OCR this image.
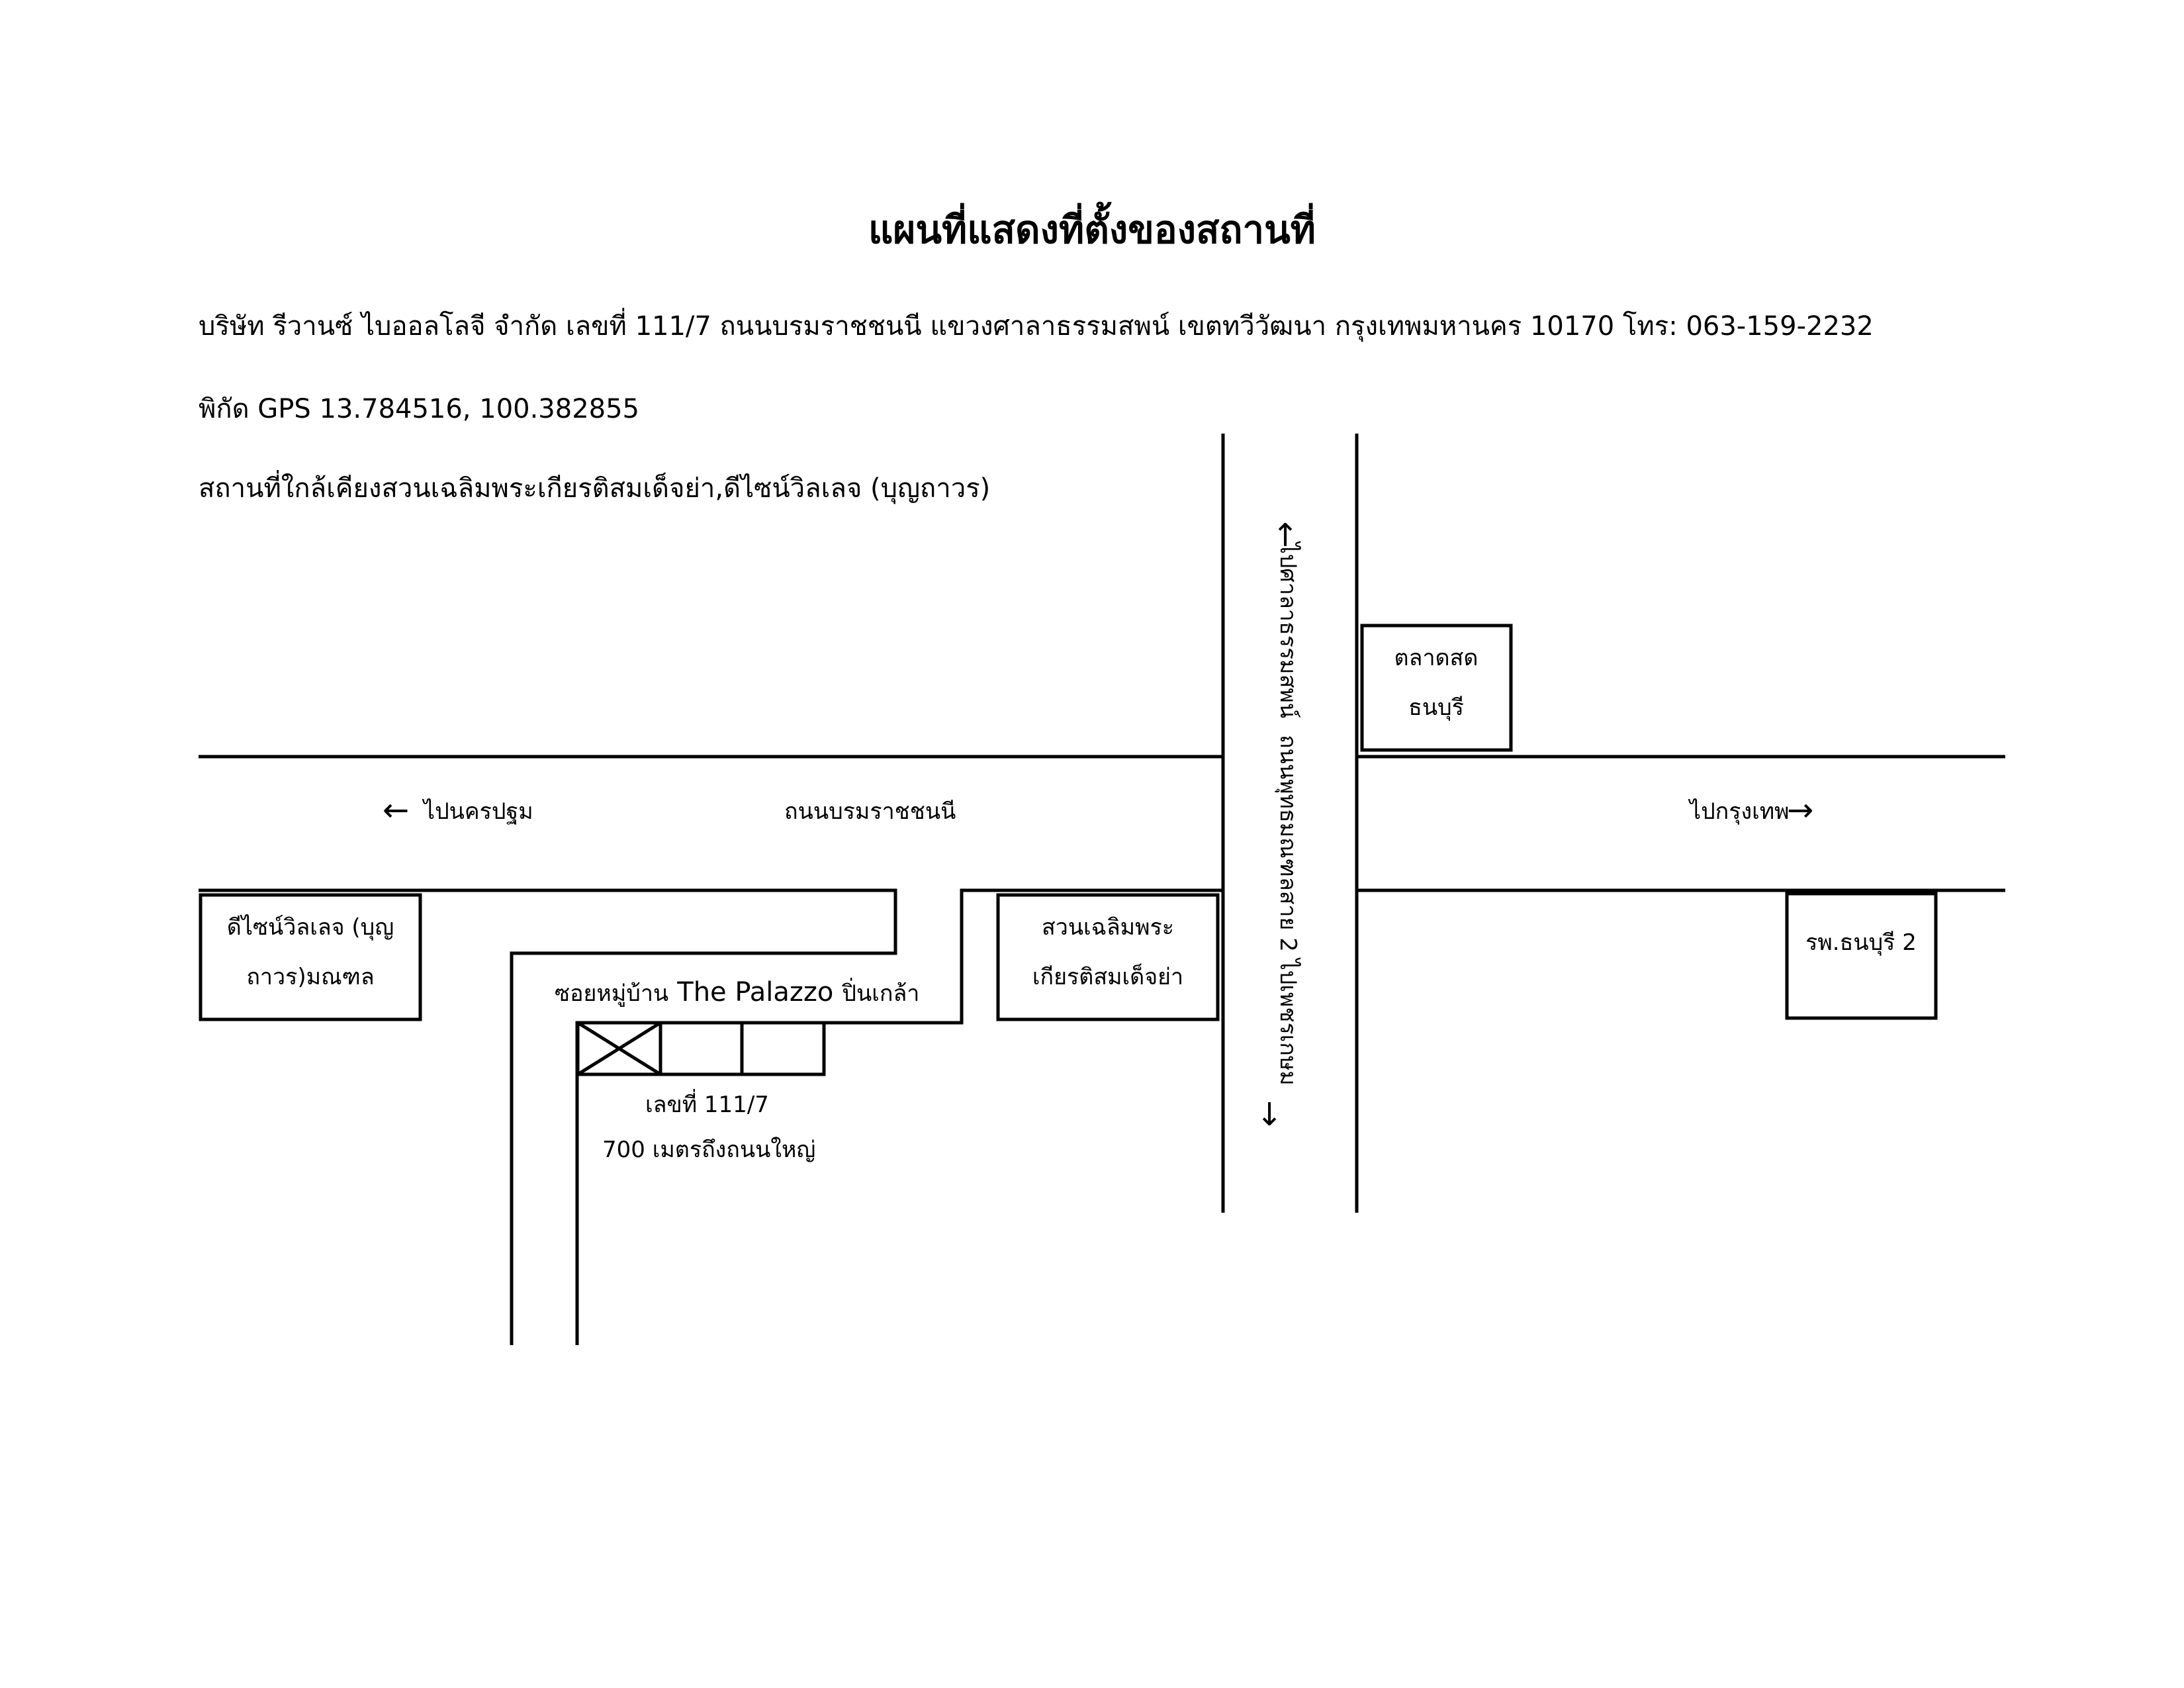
แผนที่แสดงที่ตั้งของสถานที่
บริษัท รีวานซ์ ไบออลโลจี จำกัด เลขที่ 111/7 ถนนบรมราชชนนี แขวงศาลาธรรมสพน์ เขตทวีวัฒนา กรุงเทพมหานคร 10170 โทร: 063-159-2232
พิกัด GPS 13.784516, 100.382855
สถานที่ใกล้เคียงสวนเฉลิมพระเกียรติสมเด็จย่า,ดีไซน์วิลเลจ (บุญถาวร)
← ไปนครปฐม	ถนนบรมราชชนนี	ไปกรุงเทพ
→
ไปศาลาธรรมสพน์
↑
ถนนพุทธมณฑลสาย 2 ไปเพชรเกษม
↓
ซอยหมู่บ้าน The Palazzo ปิ่นเกล้า
เลขที่ 111/7
700 เมตรถึงถนนใหญ่
ตลาดสด
ธนบุรี
สวนเฉลิมพระ
เกียรติสมเด็จย่า
ดีไซน์วิลเลจ (บุญ
ถาวร)มณฑล
รพ.ธนบุรี 2
